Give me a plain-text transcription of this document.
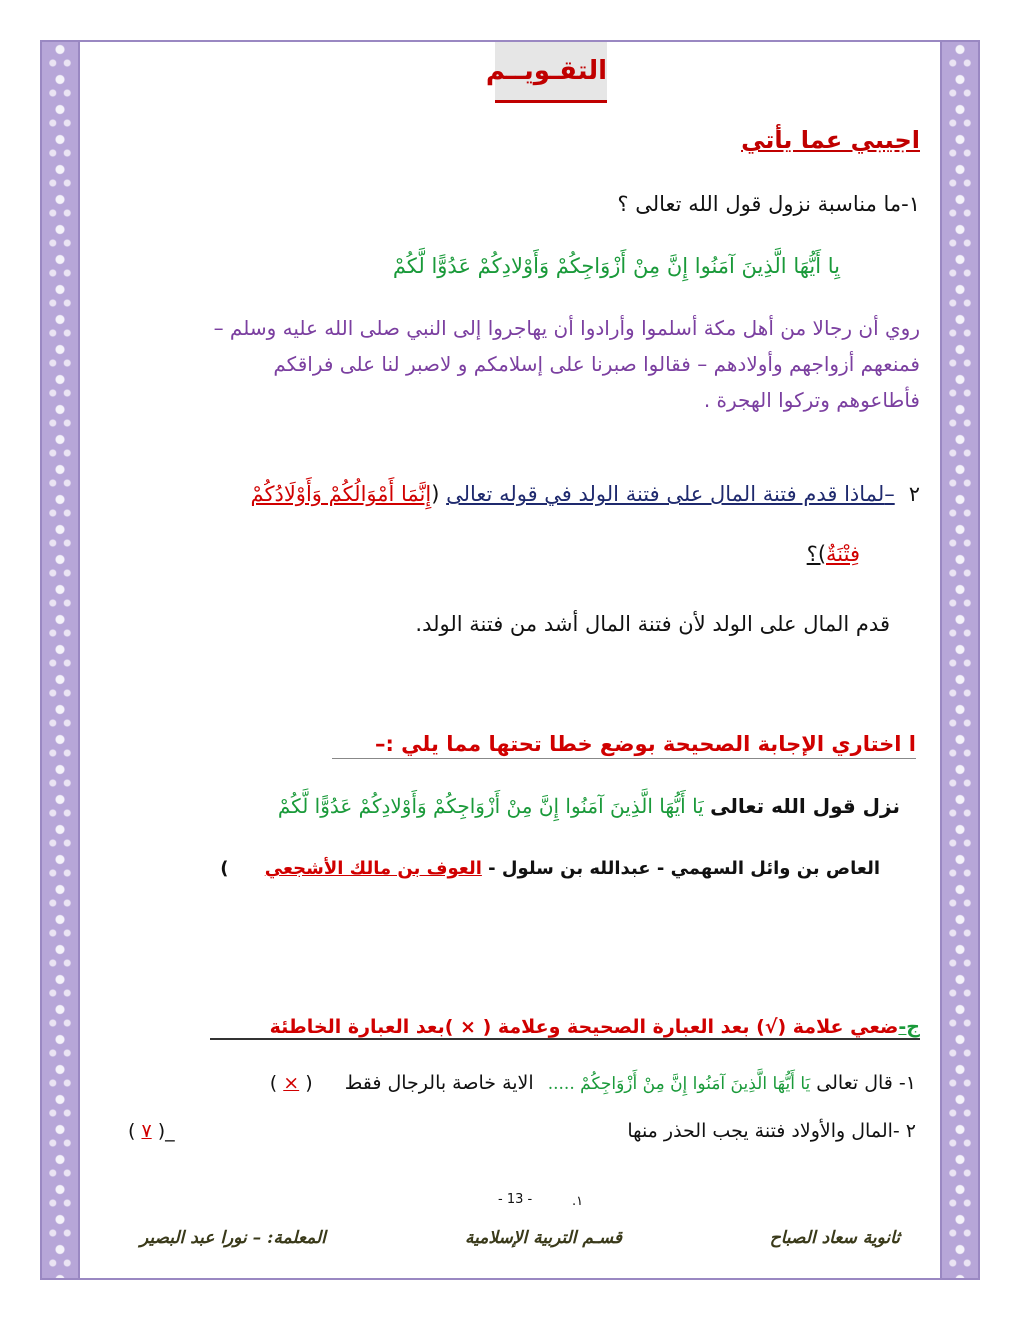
التقـويــم
اجيبي عما يأتي
١-ما مناسبة نزول قول الله تعالى ؟
يِا أَيُّهَا الَّذِينَ آمَنُوا إِنَّ مِنْ أَزْوَاجِكُمْ وَأَوْلادِكُمْ عَدُوًّا لَّكُمْ
روي أن رجالا من أهل مكة أسلموا وأرادوا أن يهاجروا إلى النبي صلى الله عليه وسلم –
فمنعهم أزواجهم وأولادهم – فقالوا صبرنا على إسلامكم و لاصبر لنا على فراقكم
فأطاعوهم وتركوا الهجرة .
٢–لماذا قدم فتنة المال على فتنة الولد في قوله تعالى (إِنَّمَا أَمْوَالُكُمْ وَأَوْلَادُكُمْ
فِتْنَةٌ)؟
قدم المال على الولد لأن فتنة المال أشد من فتنة الولد.
ا اختاري الإجابة الصحيحة بوضع خطا تحتها مما يلي :–
نزل قول الله تعالى يَا أَيُّهَا الَّذِينَ آمَنُوا إِنَّ مِنْ أَزْوَاجِكُمْ وَأَوْلادِكُمْ عَدُوًّا لَّكُمْ
العاص بن وائل السهمي - عبدالله بن سلول - العوف بن مالك الأشجعي )
ج-ضعي علامة (√) بعد العبارة الصحيحة وعلامة ( × )بعد العبارة الخاطئة
١- قال تعالى يَا أَيُّهَا الَّذِينَ آمَنُوا إِنَّ مِنْ أَزْوَاجِكُمْ ..... الاية خاصة بالرجال فقط ( × )
٢ -المال والأولاد فتنة يجب الحذر منها
_( ٧ )
- 13 -	١.
ثانوية سعاد الصباح
قسـم التربية الإسلامية
المعلمة: – نورا عبد البصير
